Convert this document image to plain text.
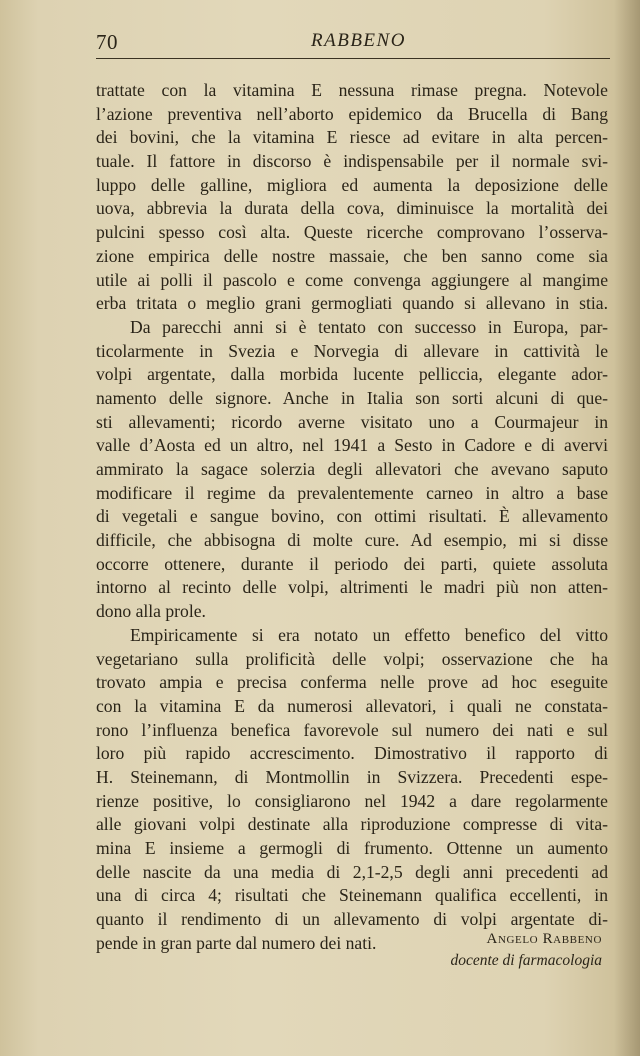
70	RABBENO
trattate con la vitamina E nessuna rimase pregna. Notevole
l’azione preventiva nell’aborto epidemico da Brucella di Bang
dei bovini, che la vitamina E riesce ad evitare in alta percen-
tuale. Il fattore in discorso è indispensabile per il normale svi-
luppo delle galline, migliora ed aumenta la deposizione delle
uova, abbrevia la durata della cova, diminuisce la mortalità dei
pulcini spesso così alta. Queste ricerche comprovano l’osserva-
zione empirica delle nostre massaie, che ben sanno come sia
utile ai polli il pascolo e come convenga aggiungere al mangime
erba tritata o meglio grani germogliati quando si allevano in stia.
Da parecchi anni si è tentato con successo in Europa, par-
ticolarmente in Svezia e Norvegia di allevare in cattività le
volpi argentate, dalla morbida lucente pelliccia, elegante ador-
namento delle signore. Anche in Italia son sorti alcuni di que-
sti allevamenti; ricordo averne visitato uno a Courmajeur in
valle d’Aosta ed un altro, nel 1941 a Sesto in Cadore e di avervi
ammirato la sagace solerzia degli allevatori che avevano saputo
modificare il regime da prevalentemente carneo in altro a base
di vegetali e sangue bovino, con ottimi risultati. È allevamento
difficile, che abbisogna di molte cure. Ad esempio, mi si disse
occorre ottenere, durante il periodo dei parti, quiete assoluta
intorno al recinto delle volpi, altrimenti le madri più non atten-
dono alla prole.
Empiricamente si era notato un effetto benefico del vitto
vegetariano sulla prolificità delle volpi; osservazione che ha
trovato ampia e precisa conferma nelle prove ad hoc eseguite
con la vitamina E da numerosi allevatori, i quali ne constata-
rono l’influenza benefica favorevole sul numero dei nati e sul
loro più rapido accrescimento. Dimostrativo il rapporto di
H. Steinemann, di Montmollin in Svizzera. Precedenti espe-
rienze positive, lo consigliarono nel 1942 a dare regolarmente
alle giovani volpi destinate alla riproduzione compresse di vita-
mina E insieme a germogli di frumento. Ottenne un aumento
delle nascite da una media di 2,1-2,5 degli anni precedenti ad
una di circa 4; risultati che Steinemann qualifica eccellenti, in
quanto il rendimento di un allevamento di volpi argentate di-
pende in gran parte dal numero dei nati.	Angelo Rabbeno
docente di farmacologia
